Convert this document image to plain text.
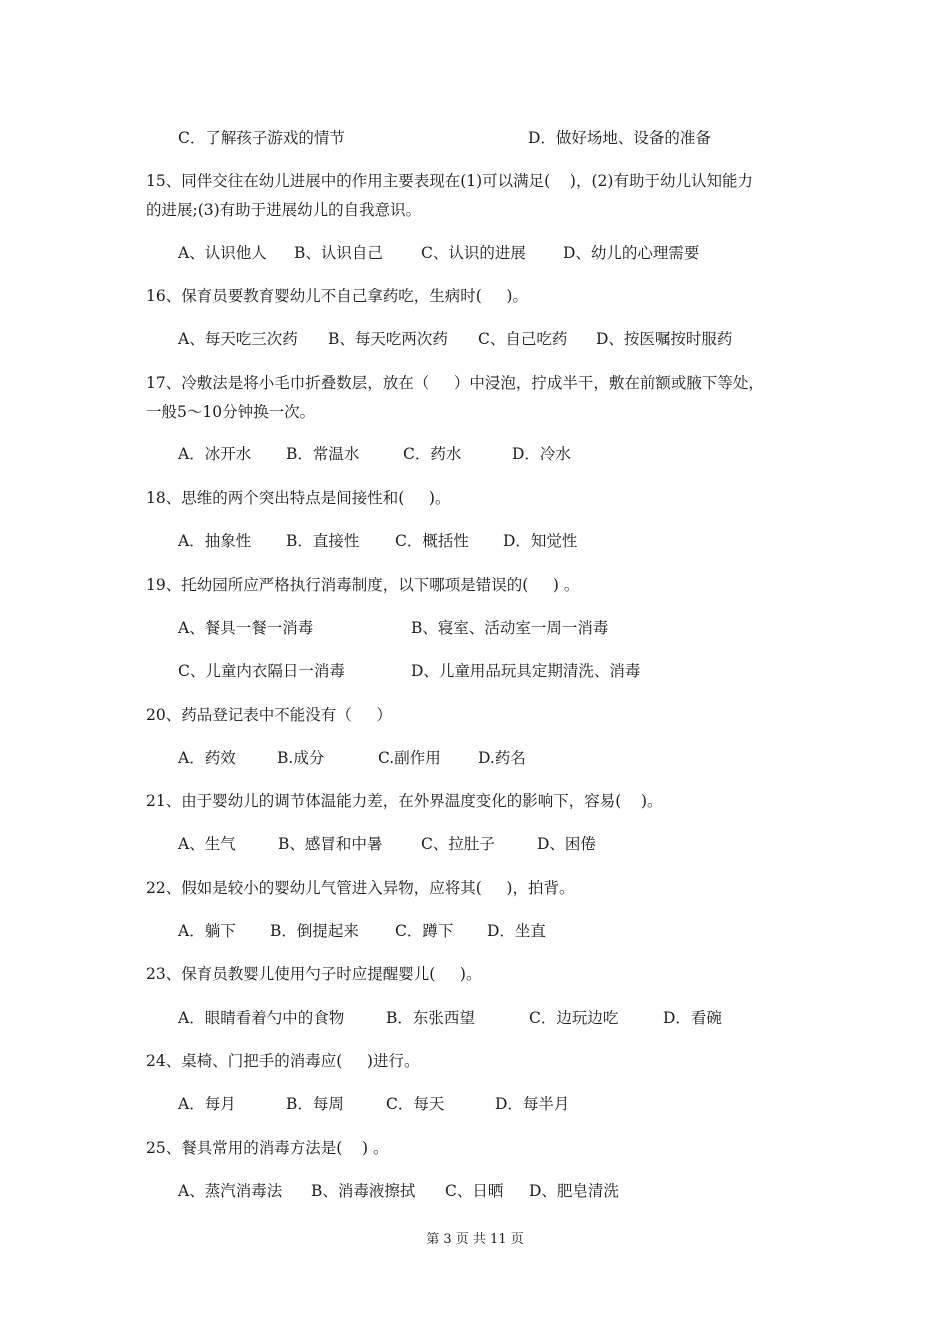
C．了解孩子游戏的情节	D．做好场地、设备的准备
15、同伴交往在幼儿进展中的作用主要表现在(1)可以满足(    )，(2)有助于幼儿认知能力
的进展;(3)有助于进展幼儿的自我意识。
A、认识他人 B、认识自己 C、认识的进展 D、幼儿的心理需要
16、保育员要教育婴幼儿不自己拿药吃，生病时(     )。
A、每天吃三次药 B、每天吃两次药 C、自己吃药 D、按医嘱按时服药
17、冷敷法是将小毛巾折叠数层，放在（     ）中浸泡，拧成半干，敷在前额或腋下等处，
一般5～10分钟换一次。
A．冰开水 B．常温水	C．药水	D．冷水
18、思维的两个突出特点是间接性和(     )。
A．抽象性 B．直接性 C．概括性 D．知觉性
19、托幼园所应严格执行消毒制度，以下哪项是错误的(     ) 。
A、餐具一餐一消毒	B、寝室、活动室一周一消毒
C、儿童内衣隔日一消毒	D、儿童用品玩具定期清洗、消毒
20、药品登记表中不能没有（     ）
A．药效	B.成分	C.副作用 D.药名
21、由于婴幼儿的调节体温能力差，在外界温度变化的影响下，容易(    )。
A、生气	B、感冒和中暑 C、拉肚子	D、困倦
22、假如是较小的婴幼儿气管进入异物，应将其(     )，拍背。
A．躺下 B．倒提起来 C．蹲下 D．坐直
23、保育员教婴儿使用勺子时应提醒婴儿(     )。
A．眼睛看着勺中的食物	B．东张西望	C．边玩边吃	D．看碗
24、桌椅、门把手的消毒应(     )进行。
A．每月	B．每周	C．每天	D．每半月
25、餐具常用的消毒方法是(    ) 。
A、蒸汽消毒法 B、消毒液擦拭 C、日晒 D、肥皂清洗
第 3 页 共 11 页
